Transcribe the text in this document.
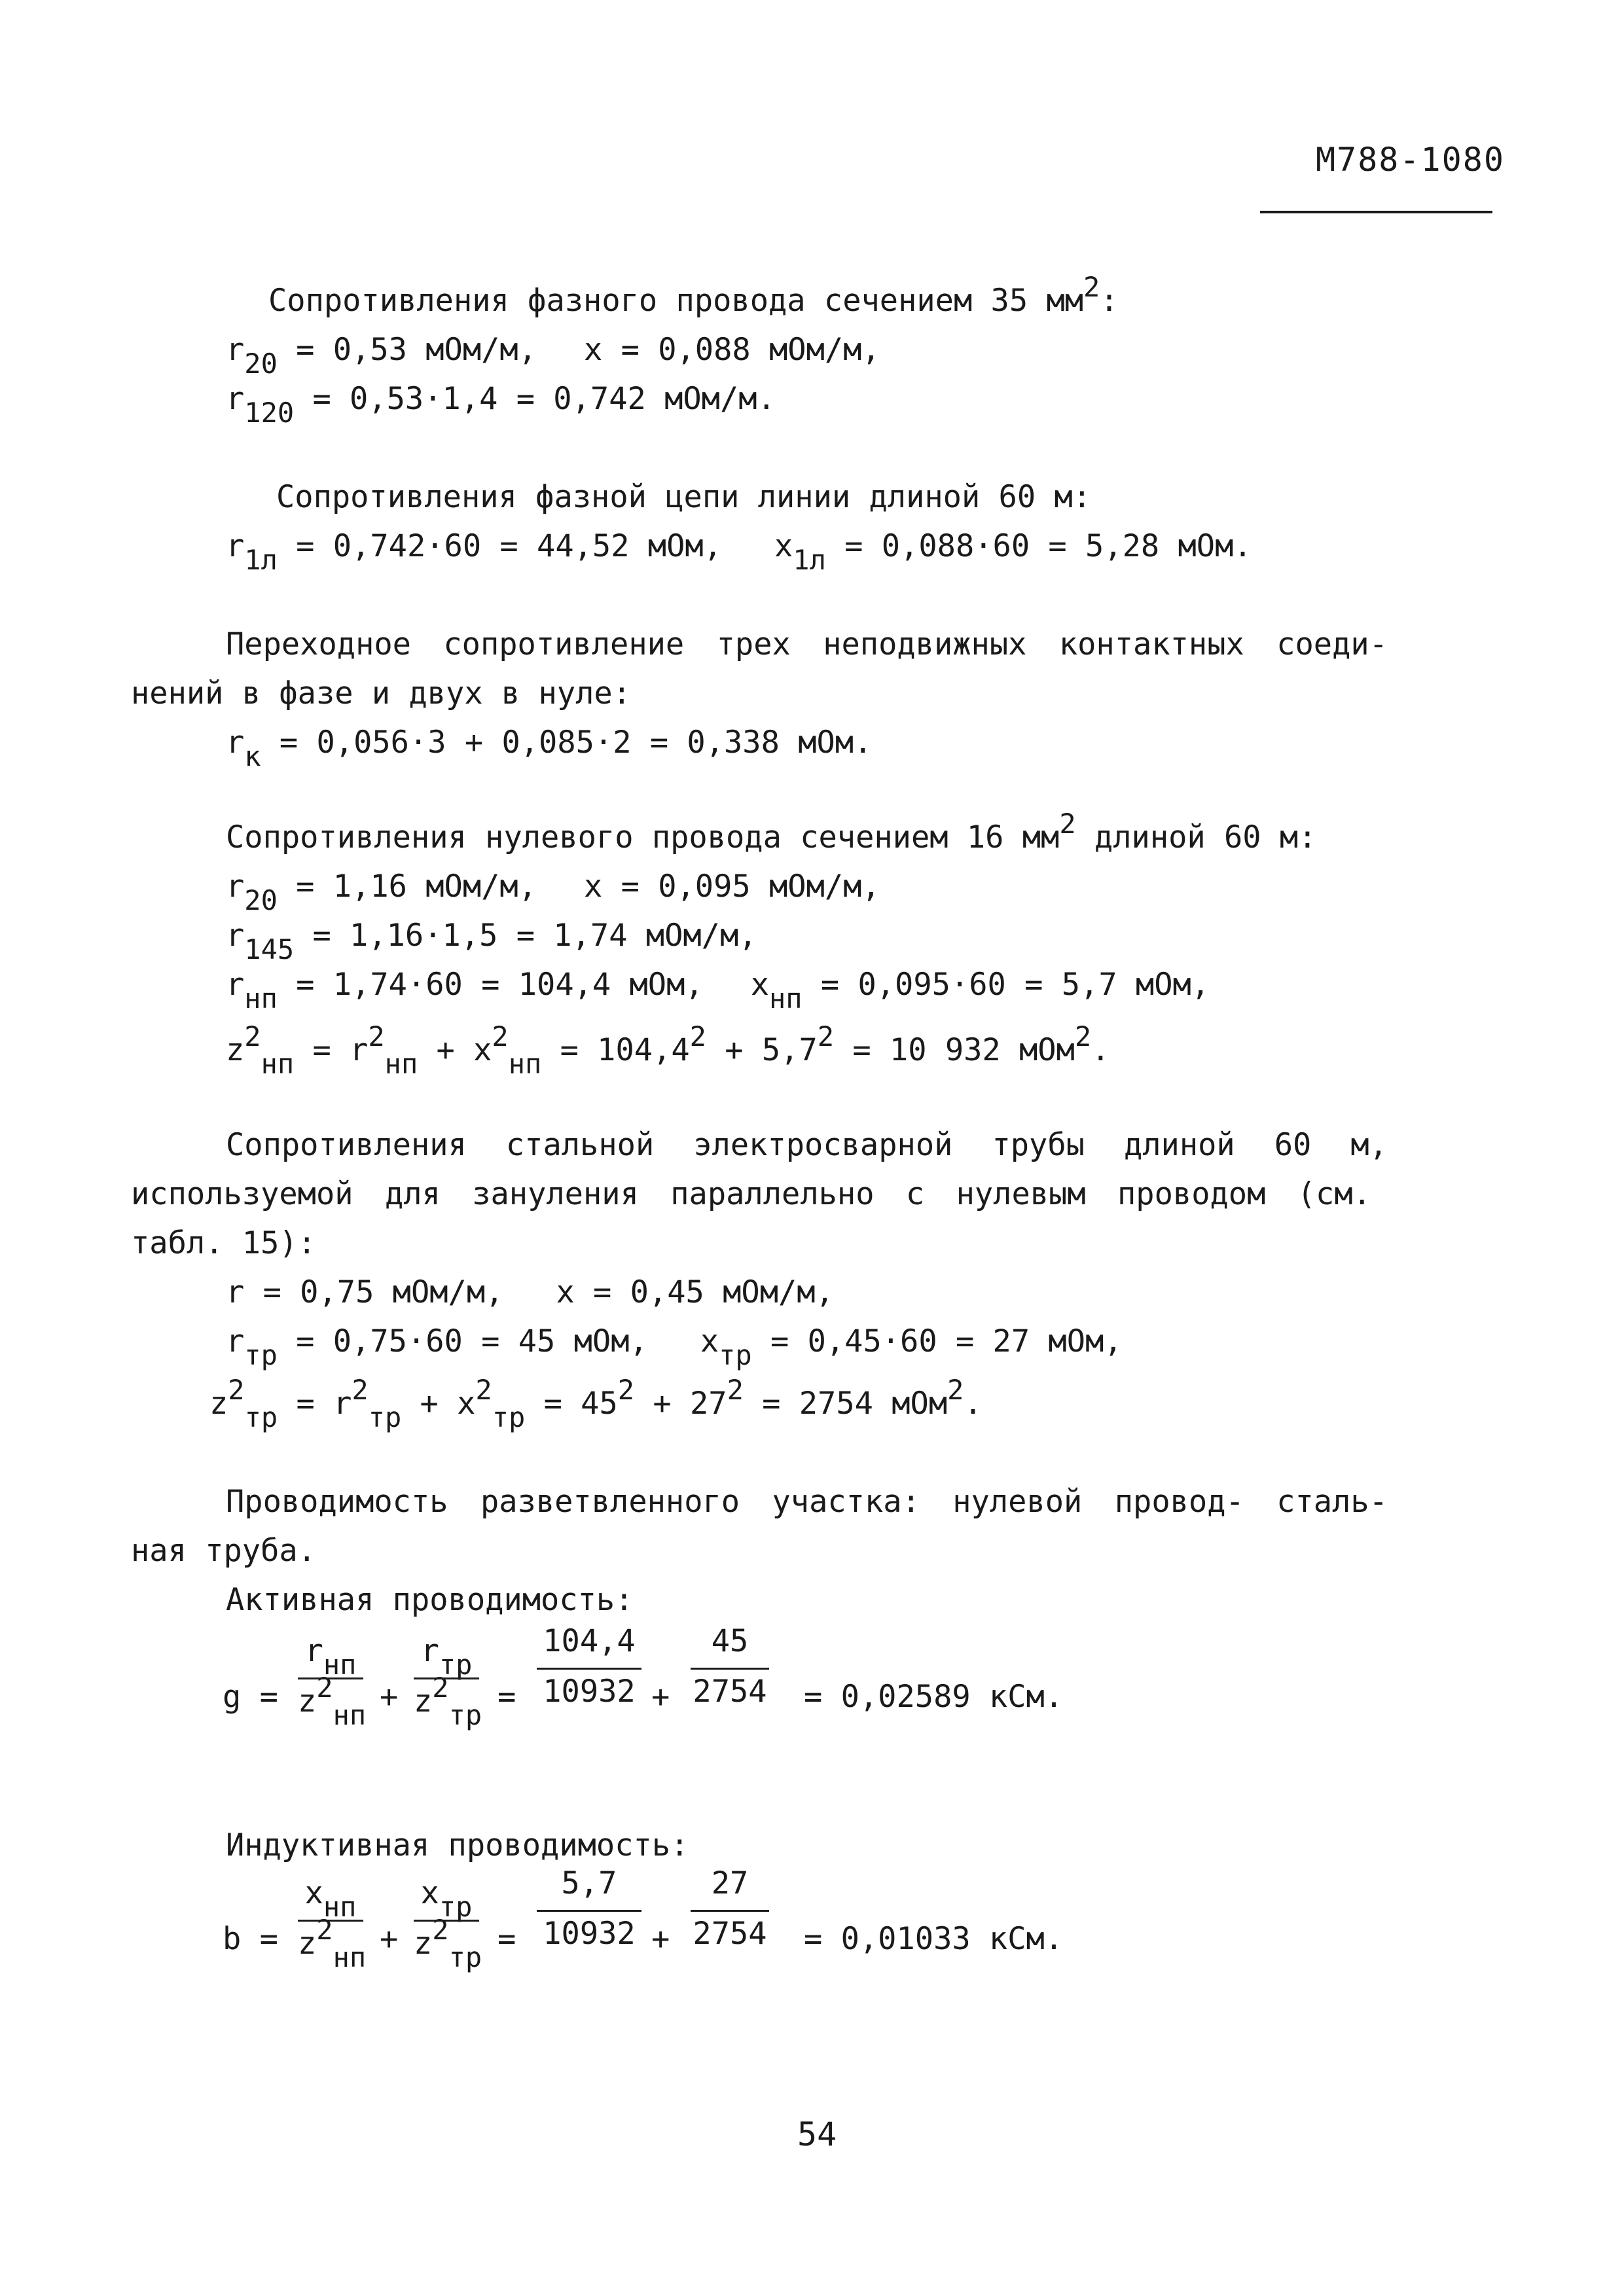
М788-1080
Сопротивления фазного провода сечением 35 $мм^2$:
$r_{20} = 0,53$ мОм/м, x = 0,088 мОм/м,
$r_{120} = 0,53\cdot 1,4 = 0,742$ мОм/м.
Сопротивления фазной цепи линии длиной 60 м:
$r_{1л} = 0,742\cdot 60 = 44,52$ мОм, $x_{1л} = 0,088\cdot 60 = 5,28$ мОм.
Переходное сопротивление трех неподвижных контактных соеди-
нений в фазе и двух в нуле:
$r_к = 0,056\cdot 3 + 0,085\cdot 2 = 0,338$ мОм.
Сопротивления нулевого провода сечением 16 $мм^2$ длиной 60 м:
$r_{20} = 1,16$ мОм/м, x = 0,095 мОм/м,
$r_{145} = 1,16\cdot 1,5 = 1,74$ мОм/м,
$r_{нп} = 1,74\cdot 60 = 104,4$ мОм, $x_{нп} = 0,095\cdot 60 = 5,7$ мОм,
$z^2_{нп} = r^2_{нп} + x^2_{нп} = 104,4^2 + 5,7^2 = 10$ 932 мОм$^2$.
Сопротивления стальной электросварной трубы длиной 60 м,
используемой для зануления параллельно с нулевым проводом (см.
табл. 15):
r = 0,75 мОм/м, x = 0,45 мОм/м,
$r_{тр} = 0,75\cdot 60 = 45$ мОм, $x_{тр} = 0,45\cdot 60 = 27$ мОм,
$z^2_{тр} = r^2_{тр} + x^2_{тр} = 45^2 + 27^2 = 2754$ мОм$^2$.
Проводимость разветвленного участка: нулевой провод- сталь-
ная труба.
Активная проводимость:
g =
$r_{нп}$
$z^2_{нп}$
+
$r_{тр}$
$z^2_{тр}$
=
104,4
10932 +
45
2754 = 0,02589 кСм.
Индуктивная проводимость:
b =
$x_{нп}$
$z^2_{нп}$
+
$x_{тр}$
$z^2_{тр}$
=
5,7
10932 +
27
2754 = 0,01033 кСм.
54
